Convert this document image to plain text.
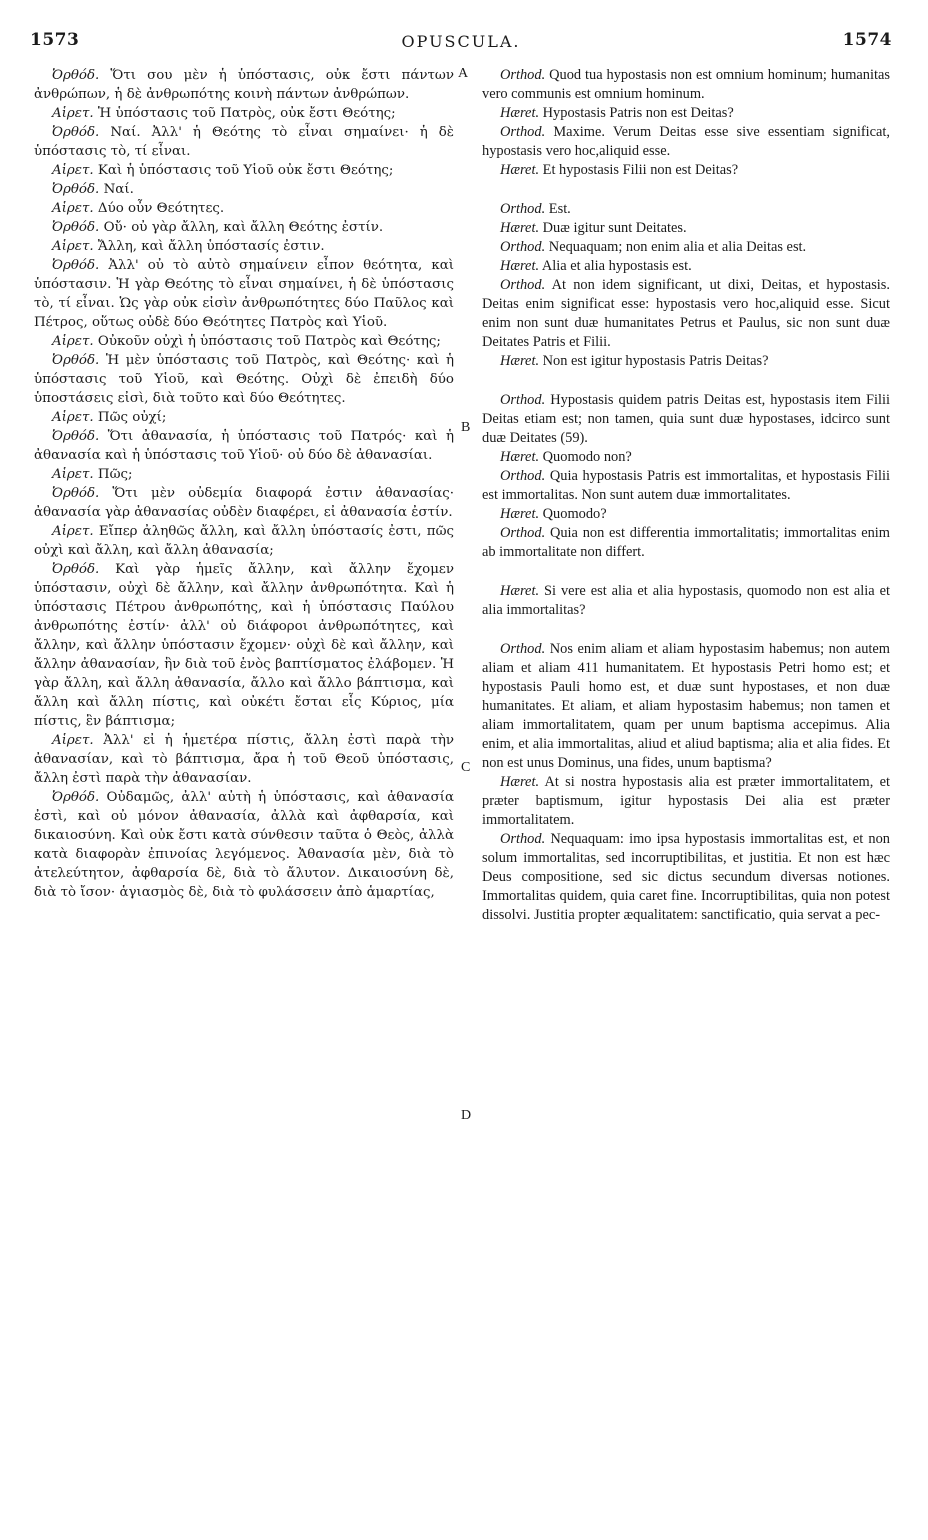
1573	OPUSCULA.	1574
A
B
C
D

Ὀρθόδ. Ὅτι σου μὲν ἡ ὑπόστασις, οὐκ ἔστι πάντων ἀνθρώπων, ἡ δὲ ἀνθρωπότης κοινὴ πάντων ἀνθρώπων.

Αἱρετ. Ἡ ὑπόστασις τοῦ Πατρὸς, οὐκ ἔστι Θεότης;

Ὀρθόδ. Ναί. Ἀλλ' ἡ Θεότης τὸ εἶναι σημαίνει· ἡ δὲ ὑπόστασις τὸ, τί εἶναι.

Αἱρετ. Καὶ ἡ ὑπόστασις τοῦ Υἱοῦ οὐκ ἔστι Θεότης;

Ὀρθόδ. Ναί.

Αἱρετ. Δύο οὖν Θεότητες.

Ὀρθόδ. Οὔ· οὐ γὰρ ἄλλη, καὶ ἄλλη Θεότης ἐστίν.

Αἱρετ. Ἄλλη, καὶ ἄλλη ὑπόστασίς ἐστιν.

Ὀρθόδ. Ἀλλ' οὐ τὸ αὐτὸ σημαίνειν εἶπον θεότητα, καὶ ὑπόστασιν. Ἡ γὰρ Θεότης τὸ εἶναι σημαίνει, ἡ δὲ ὑπόστασις τὸ, τί εἶναι. Ὡς γὰρ οὐκ εἰσὶν ἀνθρωπότητες δύο Παῦλος καὶ Πέτρος, οὕτως οὐδὲ δύο Θεότητες Πατρὸς καὶ Υἱοῦ.

Αἱρετ. Οὐκοῦν οὐχὶ ἡ ὑπόστασις τοῦ Πατρὸς καὶ Θεότης;

Ὀρθόδ. Ἡ μὲν ὑπόστασις τοῦ Πατρὸς, καὶ Θεότης· καὶ ἡ ὑπόστασις τοῦ Υἱοῦ, καὶ Θεότης. Οὐχὶ δὲ ἐπειδὴ δύο ὑποστάσεις εἰσὶ, διὰ τοῦτο καὶ δύο Θεότητες.

Αἱρετ. Πῶς οὐχί;

Ὀρθόδ. Ὅτι ἀθανασία, ἡ ὑπόστασις τοῦ Πατρός· καὶ ἡ ἀθανασία καὶ ἡ ὑπόστασις τοῦ Υἱοῦ· οὐ δύο δὲ ἀθανασίαι.

Αἱρετ. Πῶς;

Ὀρθόδ. Ὅτι μὲν οὐδεμία διαφορά ἐστιν ἀθανασίας· ἀθανασία γὰρ ἀθανασίας οὐδὲν διαφέρει, εἰ ἀθανασία ἐστίν.

Αἱρετ. Εἴπερ ἀληθῶς ἄλλη, καὶ ἄλλη ὑπόστασίς ἐστι, πῶς οὐχὶ καὶ ἄλλη, καὶ ἄλλη ἀθανασία;

Ὀρθόδ. Καὶ γὰρ ἡμεῖς ἄλλην, καὶ ἄλλην ἔχομεν ὑπόστασιν, οὐχὶ δὲ ἄλλην, καὶ ἄλλην ἀνθρωπότητα. Καὶ ἡ ὑπόστασις Πέτρου ἀνθρωπότης, καὶ ἡ ὑπόστασις Παύλου ἀνθρωπότης ἐστίν· ἀλλ' οὐ διάφοροι ἀνθρωπότητες, καὶ ἄλλην, καὶ ἄλλην ὑπόστασιν ἔχομεν· οὐχὶ δὲ καὶ ἄλλην, καὶ ἄλλην ἀθανασίαν, ἣν διὰ τοῦ ἑνὸς βαπτίσματος ἐλάβομεν. Ἡ γὰρ ἄλλη, καὶ ἄλλη ἀθανασία, ἄλλο καὶ ἄλλο βάπτισμα, καὶ ἄλλη καὶ ἄλλη πίστις, καὶ οὐκέτι ἔσται εἷς Κύριος, μία πίστις, ἓν βάπτισμα;

Αἱρετ. Ἀλλ' εἰ ἡ ἡμετέρα πίστις, ἄλλη ἐστὶ παρὰ τὴν ἀθανασίαν, καὶ τὸ βάπτισμα, ἄρα ἡ τοῦ Θεοῦ ὑπόστασις, ἄλλη ἐστὶ παρὰ τὴν ἀθανασίαν.

Ὀρθόδ. Οὐδαμῶς, ἀλλ' αὐτὴ ἡ ὑπόστασις, καὶ ἀθανασία ἐστὶ, καὶ οὐ μόνον ἀθανασία, ἀλλὰ καὶ ἀφθαρσία, καὶ δικαιοσύνη. Καὶ οὐκ ἔστι κατὰ σύνθεσιν ταῦτα ὁ Θεὸς, ἀλλὰ κατὰ διαφορὰν ἐπινοίας λεγόμενος. Ἀθανασία μὲν, διὰ τὸ ἀτελεύτητον, ἀφθαρσία δὲ, διὰ τὸ ἄλυτον. Δικαιοσύνη δὲ, διὰ τὸ ἴσον· ἁγιασμὸς δὲ, διὰ τὸ φυλάσσειν ἀπὸ ἁμαρτίας,

Orthod. Quod tua hypostasis non est omnium hominum; humanitas vero communis est omnium hominum.

Hæret. Hypostasis Patris non est Deitas?

Orthod. Maxime. Verum Deitas esse sive essentiam significat, hypostasis vero hoc,aliquid esse.

Hæret. Et hypostasis Filii non est Deitas?

Orthod. Est.

Hæret. Duæ igitur sunt Deitates.

Orthod. Nequaquam; non enim alia et alia Deitas est.

Hæret. Alia et alia hypostasis est.

Orthod. At non idem significant, ut dixi, Deitas, et hypostasis. Deitas enim significat esse: hypostasis vero hoc,aliquid esse. Sicut enim non sunt duæ humanitates Petrus et Paulus, sic non sunt duæ Deitates Patris et Filii.

Hæret. Non est igitur hypostasis Patris Deitas?

Orthod. Hypostasis quidem patris Deitas est, hypostasis item Filii Deitas etiam est; non tamen, quia sunt duæ hypostases, idcirco sunt duæ Deitates (59).

Hæret. Quomodo non?

Orthod. Quia hypostasis Patris est immortalitas, et hypostasis Filii est immortalitas. Non sunt autem duæ immortalitates.

Hæret. Quomodo?

Orthod. Quia non est differentia immortalitatis; immortalitas enim ab immortalitate non differt.

Hæret. Si vere est alia et alia hypostasis, quomodo non est alia et alia immortalitas?

Orthod. Nos enim aliam et aliam hypostasim habemus; non autem aliam et aliam 411 humanitatem. Et hypostasis Petri homo est; et hypostasis Pauli homo est, et duæ sunt hypostases, et non duæ humanitates. Et aliam, et aliam hypostasim habemus; non tamen et aliam immortalitatem, quam per unum baptisma accepimus. Alia enim, et alia immortalitas, aliud et aliud baptisma; alia et alia fides. Et non est unus Dominus, una fides, unum baptisma?

Hæret. At si nostra hypostasis alia est præter immortalitatem, et præter baptismum, igitur hypostasis Dei alia est præter immortalitatem.

Orthod. Nequaquam: imo ipsa hypostasis immortalitas est, et non solum immortalitas, sed incorruptibilitas, et justitia. Et non est hæc Deus compositione, sed sic dictus secundum diversas notiones. Immortalitas quidem, quia caret fine. Incorruptibilitas, quia non potest dissolvi. Justitia propter æqualitatem: sanctificatio, quia servat a pec-
